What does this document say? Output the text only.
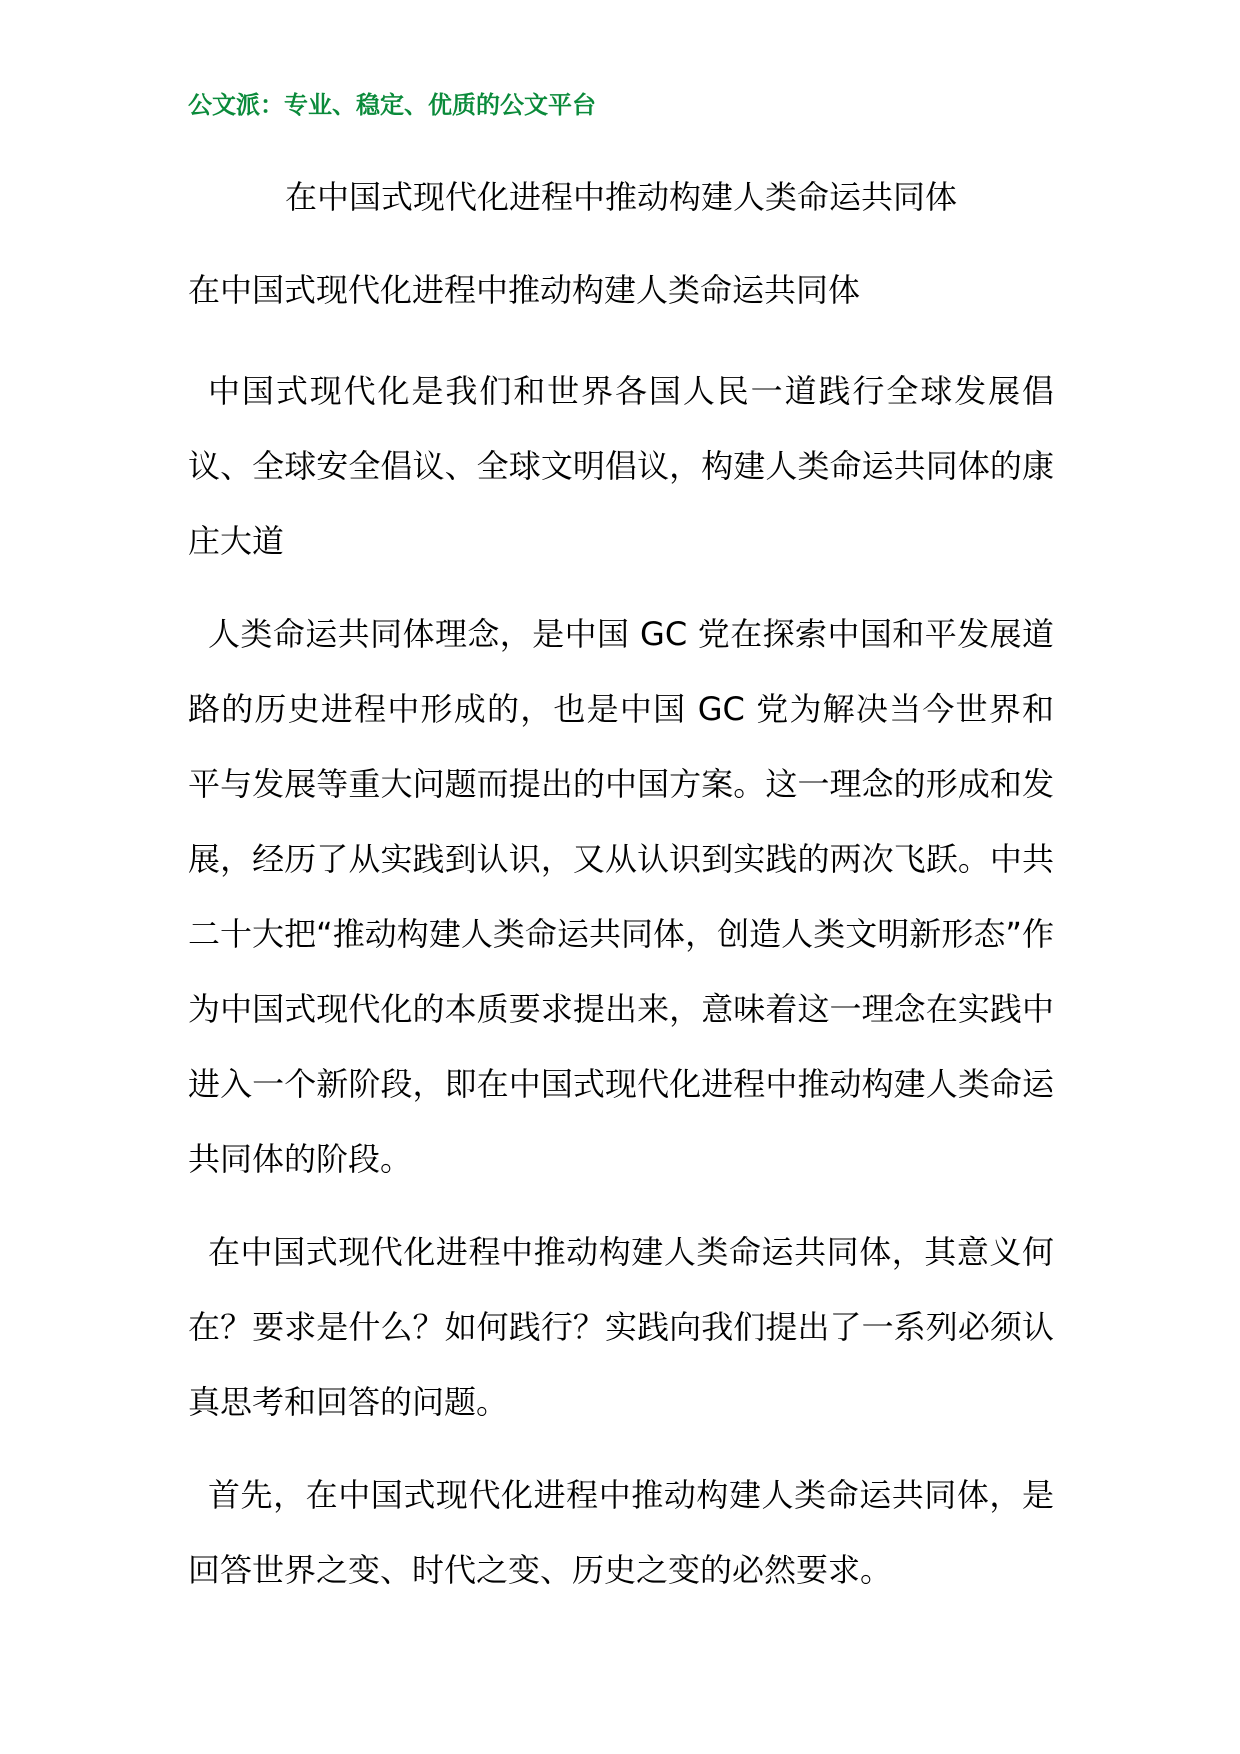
公文派：专业、稳定、优质的公文平台
在中国式现代化进程中推动构建人类命运共同体
在中国式现代化进程中推动构建人类命运共同体

中国式现代化是我们和世界各国人民一道践行全球发展倡议、全球安全倡议、全球文明倡议，构建人类命运共同体的康庄大道

人类命运共同体理念，是中国 GC 党在探索中国和平发展道路的历史进程中形成的，也是中国 GC 党为解决当今世界和平与发展等重大问题而提出的中国方案。这一理念的形成和发展，经历了从实践到认识，又从认识到实践的两次飞跃。中共二十大把“推动构建人类命运共同体，创造人类文明新形态”作为中国式现代化的本质要求提出来，意味着这一理念在实践中进入一个新阶段，即在中国式现代化进程中推动构建人类命运共同体的阶段。

在中国式现代化进程中推动构建人类命运共同体，其意义何在？要求是什么？如何践行？实践向我们提出了一系列必须认真思考和回答的问题。

首先，在中国式现代化进程中推动构建人类命运共同体，是回答世界之变、时代之变、历史之变的必然要求。
